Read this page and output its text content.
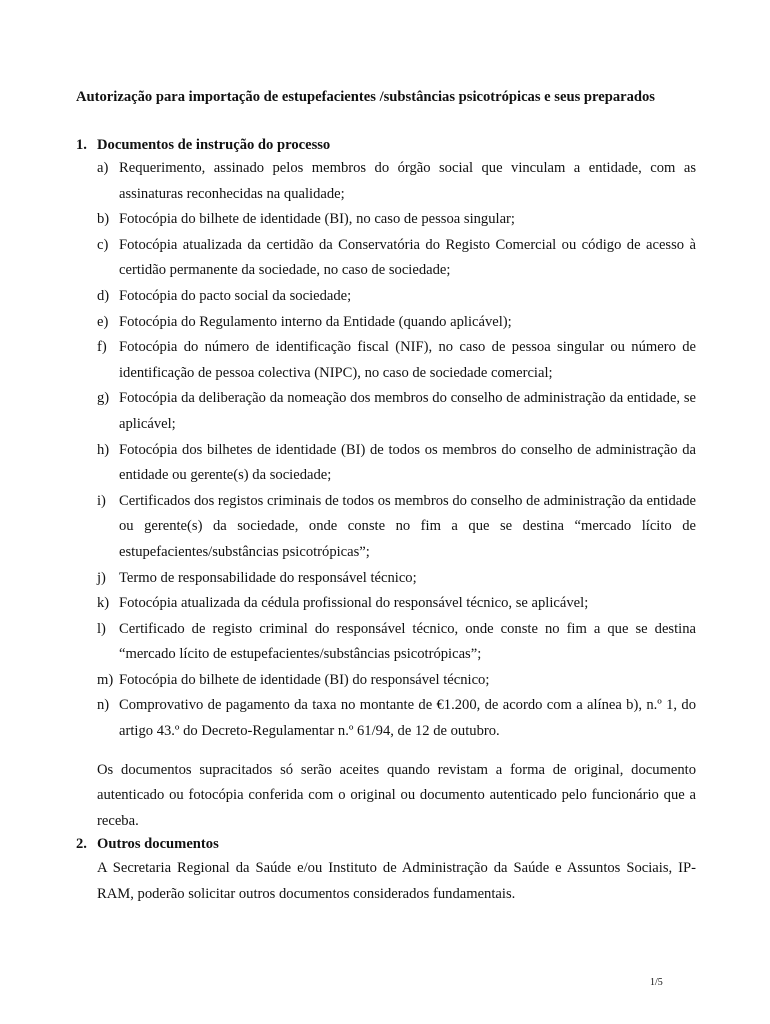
Autorização para importação de estupefacientes /substâncias psicotrópicas e seus preparados
1. Documentos de instrução do processo
a) Requerimento, assinado pelos membros do órgão social que vinculam a entidade, com as assinaturas reconhecidas na qualidade;
b) Fotocópia do bilhete de identidade (BI), no caso de pessoa singular;
c) Fotocópia atualizada da certidão da Conservatória do Registo Comercial ou código de acesso à certidão permanente da sociedade, no caso de sociedade;
d) Fotocópia do pacto social da sociedade;
e) Fotocópia do Regulamento interno da Entidade (quando aplicável);
f) Fotocópia do número de identificação fiscal (NIF), no caso de pessoa singular ou número de identificação de pessoa colectiva (NIPC), no caso de sociedade comercial;
g) Fotocópia da deliberação da nomeação dos membros do conselho de administração da entidade, se aplicável;
h) Fotocópia dos bilhetes de identidade (BI) de todos os membros do conselho de administração da entidade ou gerente(s) da sociedade;
i) Certificados dos registos criminais de todos os membros do conselho de administração da entidade ou gerente(s) da sociedade, onde conste no fim a que se destina “mercado lícito de estupefacientes/substâncias psicotrópicas”;
j) Termo de responsabilidade do responsável técnico;
k) Fotocópia atualizada da cédula profissional do responsável técnico, se aplicável;
l) Certificado de registo criminal do responsável técnico, onde conste no fim a que se destina “mercado lícito de estupefacientes/substâncias psicotrópicas”;
m) Fotocópia do bilhete de identidade (BI) do responsável técnico;
n) Comprovativo de pagamento da taxa no montante de €1.200, de acordo com a alínea b), n.º 1, do artigo 43.º do Decreto-Regulamentar n.º 61/94, de 12 de outubro.

Os documentos supracitados só serão aceites quando revistam a forma de original, documento autenticado ou fotocópia conferida com o original ou documento autenticado pelo funcionário que a receba.

2. Outros documentos

A Secretaria Regional da Saúde e/ou Instituto de Administração da Saúde e Assuntos Sociais, IP-RAM, poderão solicitar outros documentos considerados fundamentais.

1/5
